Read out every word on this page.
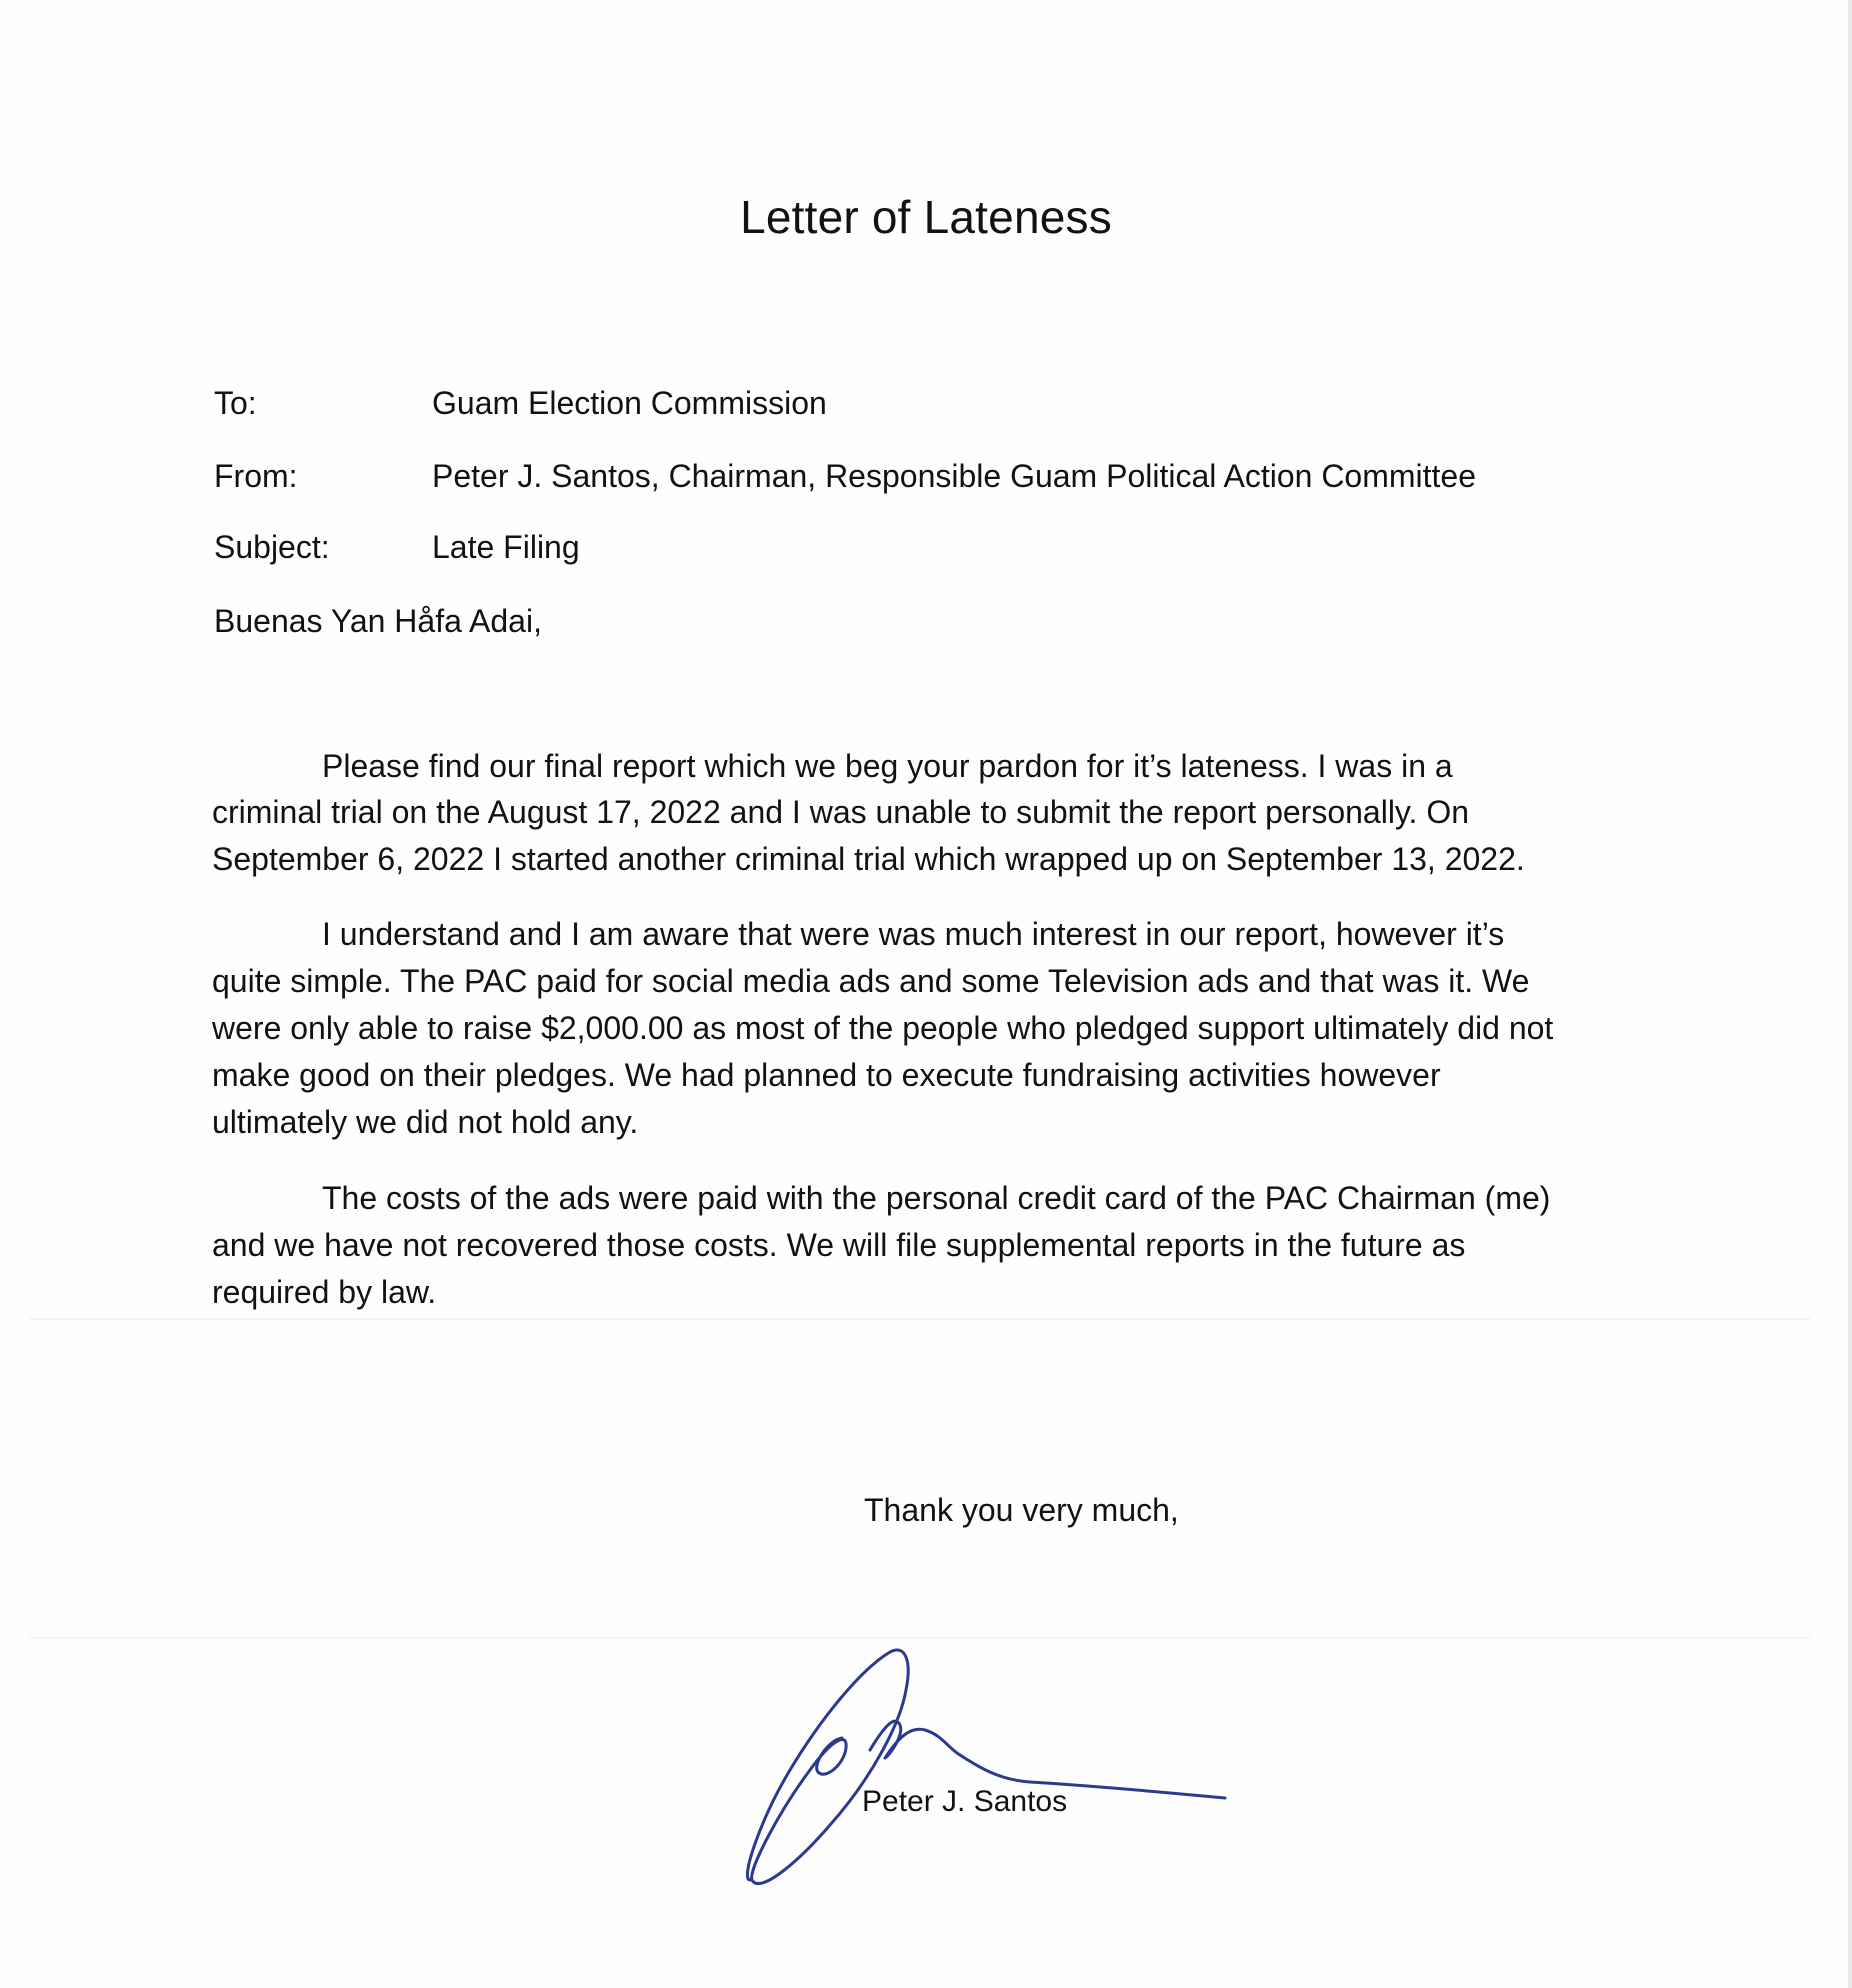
Letter of Lateness
To:	Guam Election Commission
From:	Peter J. Santos, Chairman, Responsible Guam Political Action Committee
Subject:	Late Filing
Buenas Yan Håfa Adai,
Please find our final report which we beg your pardon for it’s lateness. I was in a
criminal trial on the August 17, 2022 and I was unable to submit the report personally. On
September 6, 2022 I started another criminal trial which wrapped up on September 13, 2022.
I understand and I am aware that were was much interest in our report, however it’s
quite simple. The PAC paid for social media ads and some Television ads and that was it. We
were only able to raise $2,000.00 as most of the people who pledged support ultimately did not
make good on their pledges. We had planned to execute fundraising activities however
ultimately we did not hold any.
The costs of the ads were paid with the personal credit card of the PAC Chairman (me)
and we have not recovered those costs. We will file supplemental reports in the future as
required by law.
Thank you very much,
Peter J. Santos
